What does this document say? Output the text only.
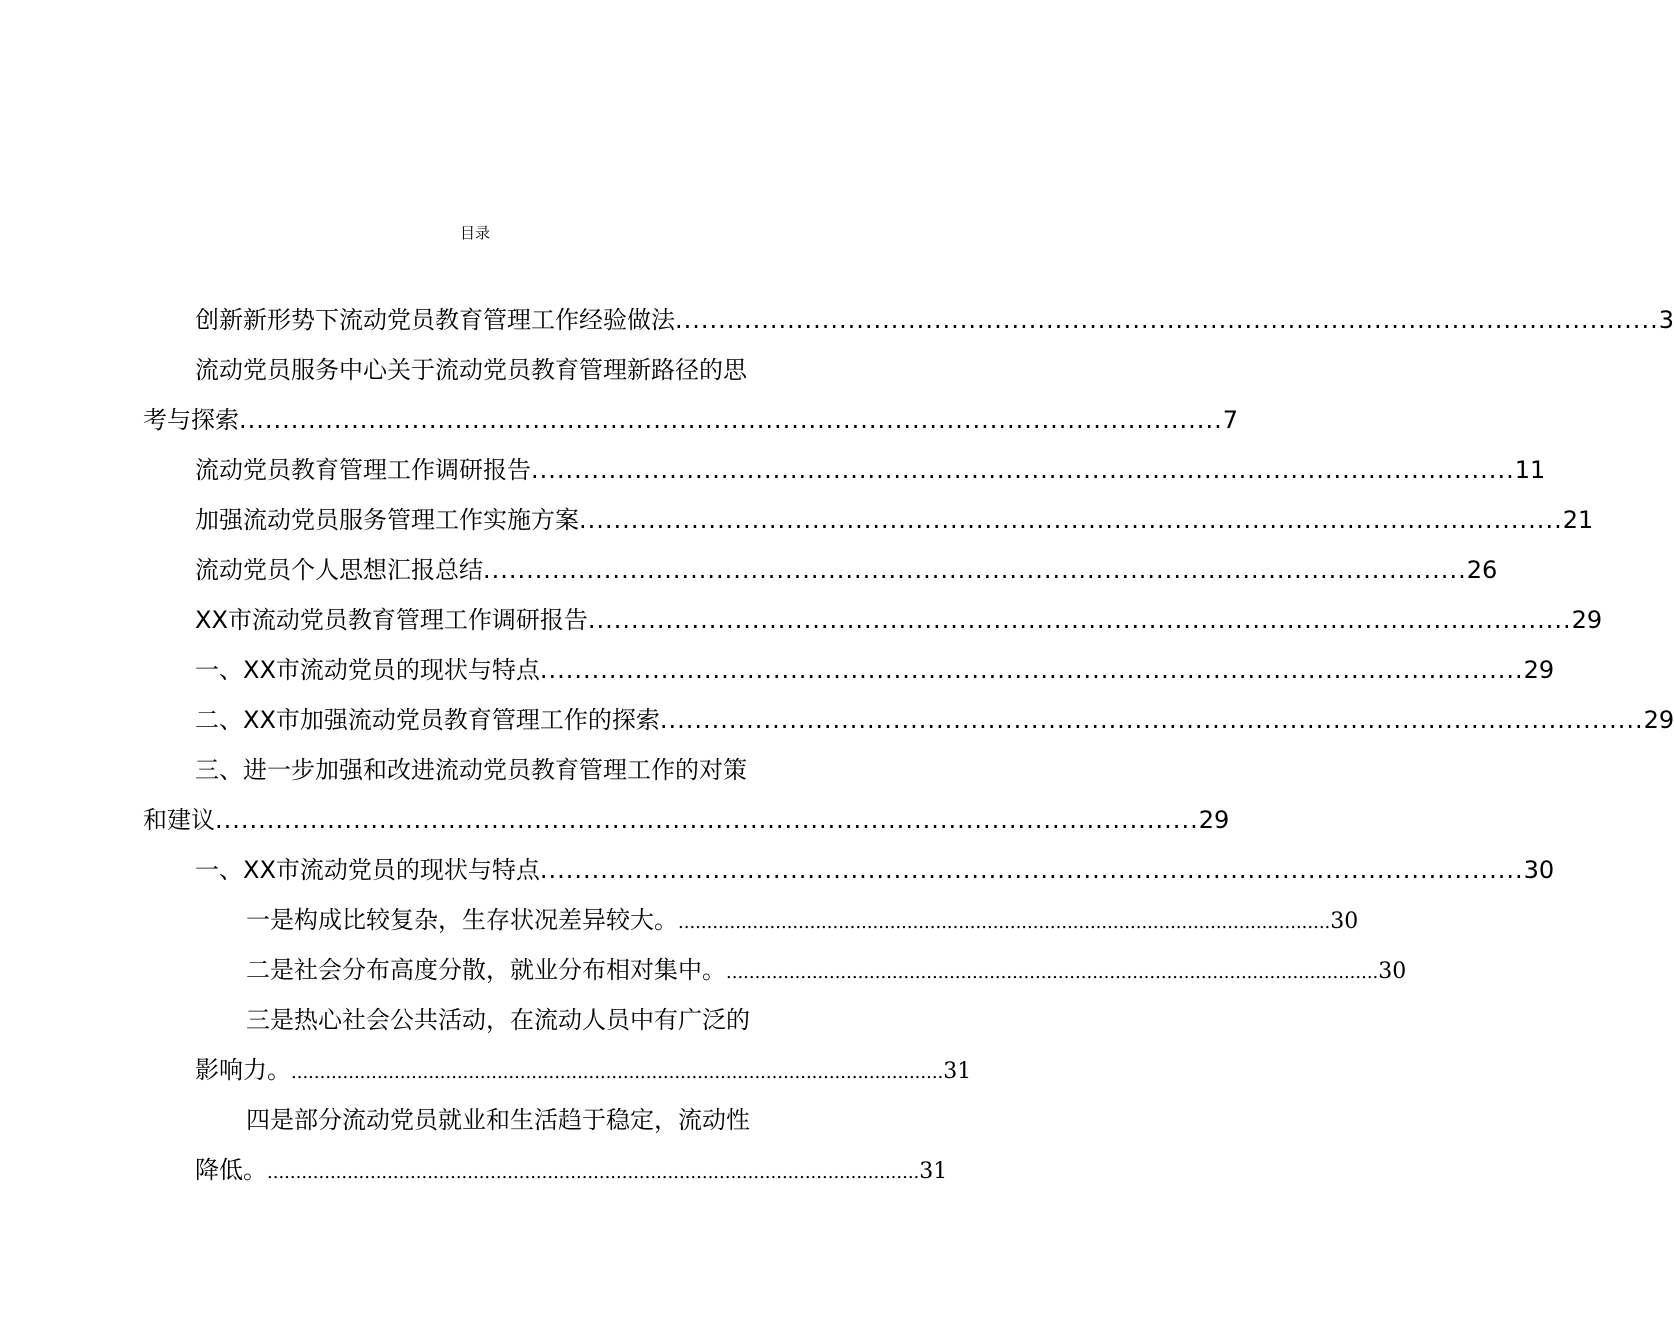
目录
创新新形势下流动党员教育管理工作经验做法 .................................................................................................................. 3
流动党员服务中心关于流动党员教育管理新路径的思
考与探索 .................................................................................................................. 7
流动党员教育管理工作调研报告 .................................................................................................................. 11
加强流动党员服务管理工作实施方案 .................................................................................................................. 21
流动党员个人思想汇报总结 .................................................................................................................. 26
XX市流动党员教育管理工作调研报告 .................................................................................................................. 29
一、XX市流动党员的现状与特点 .................................................................................................................. 29
二、XX市加强流动党员教育管理工作的探索 .................................................................................................................. 29
三、进一步加强和改进流动党员教育管理工作的对策
和建议 .................................................................................................................. 29
一、XX市流动党员的现状与特点 .................................................................................................................. 30
一是构成比较复杂，生存状况差异较大。 .................................................................................................................. 30
二是社会分布高度分散，就业分布相对集中。 .................................................................................................................. 30
三是热心社会公共活动，在流动人员中有广泛的
影响力。 .................................................................................................................. 31
四是部分流动党员就业和生活趋于稳定，流动性
降低。 .................................................................................................................. 31
